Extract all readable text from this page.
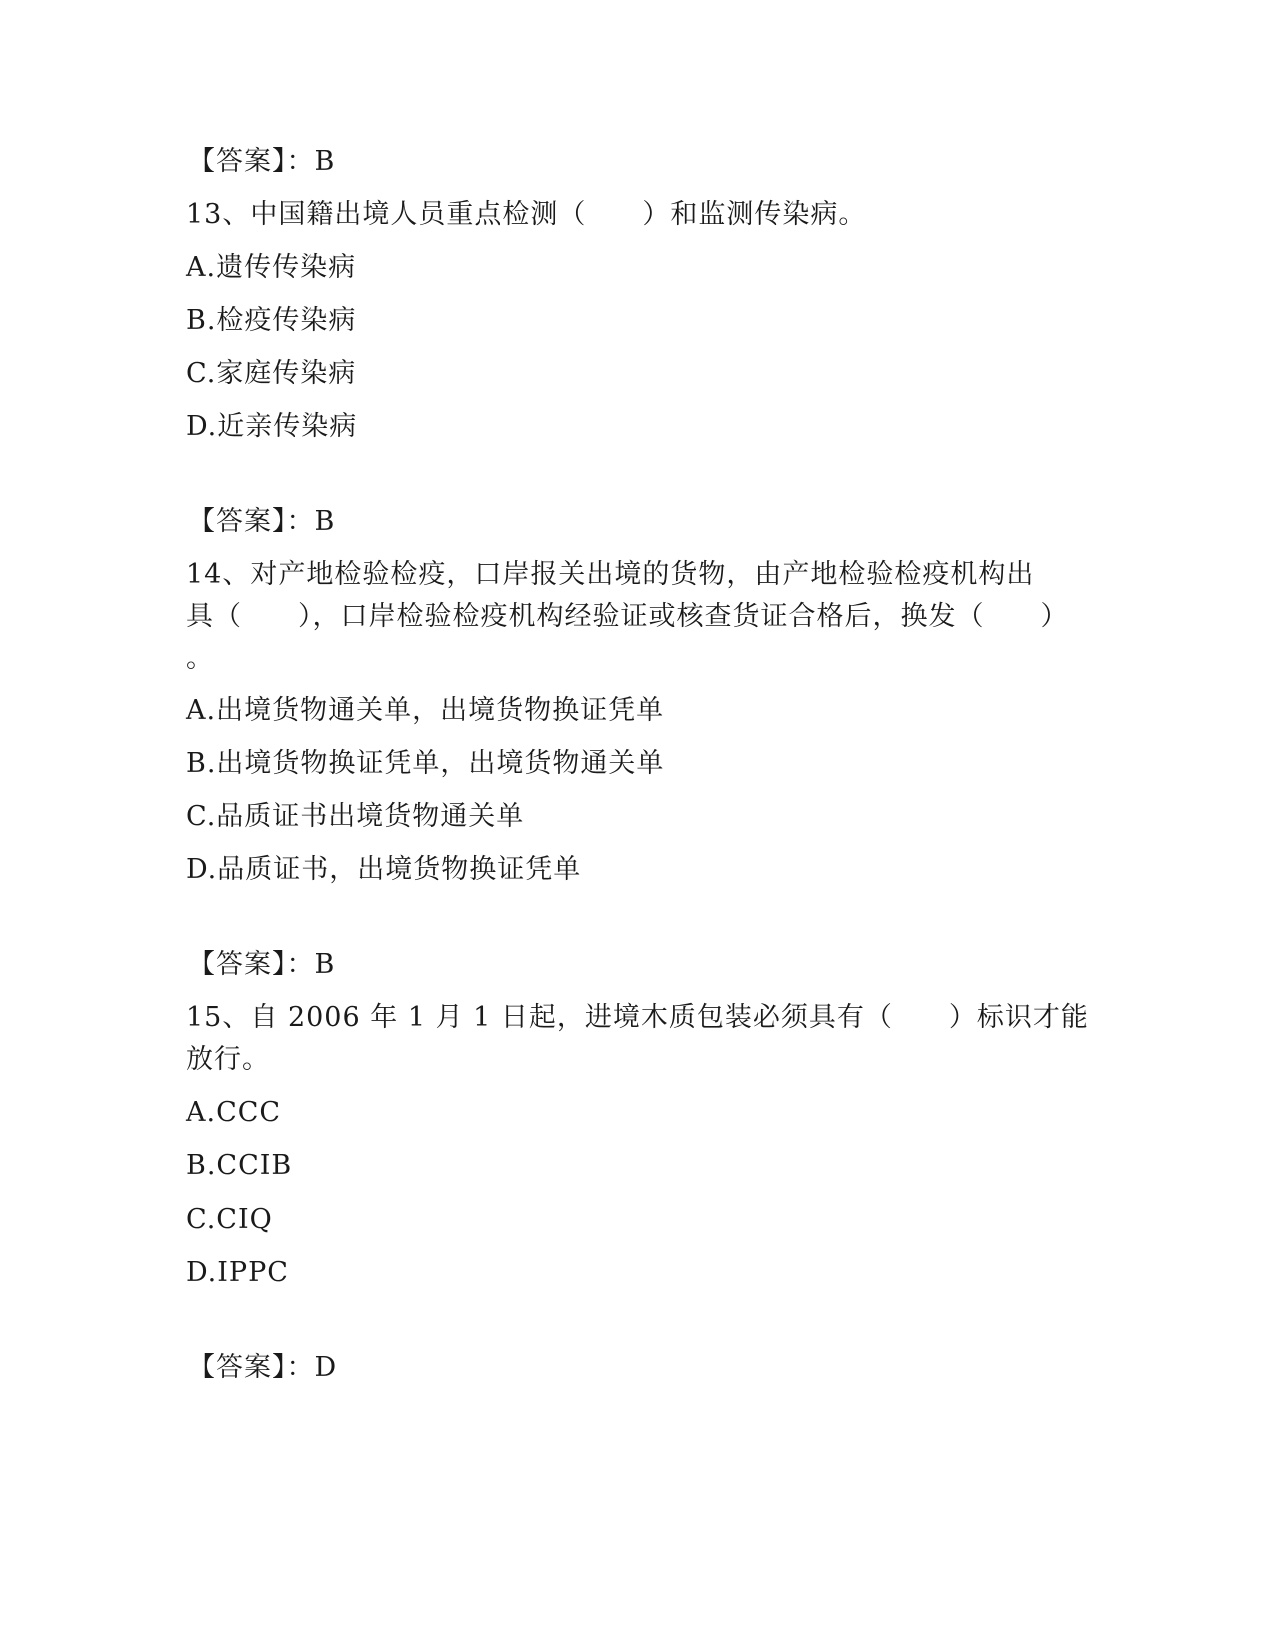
【答案】：B
13、中国籍出境人员重点检测（　　）和监测传染病。
A.遗传传染病
B.检疫传染病
C.家庭传染病
D.近亲传染病
【答案】：B
14、对产地检验检疫，口岸报关出境的货物，由产地检验检疫机构出
具（　　），口岸检验检疫机构经验证或核查货证合格后，换发（　　）
。
A.出境货物通关单，出境货物换证凭单
B.出境货物换证凭单，出境货物通关单
C.品质证书出境货物通关单
D.品质证书，出境货物换证凭单
【答案】：B
15、自 2006 年 1 月 1 日起，进境木质包装必须具有（　　）标识才能
放行。
A.CCC
B.CCIB
C.CIQ
D.IPPC
【答案】：D
